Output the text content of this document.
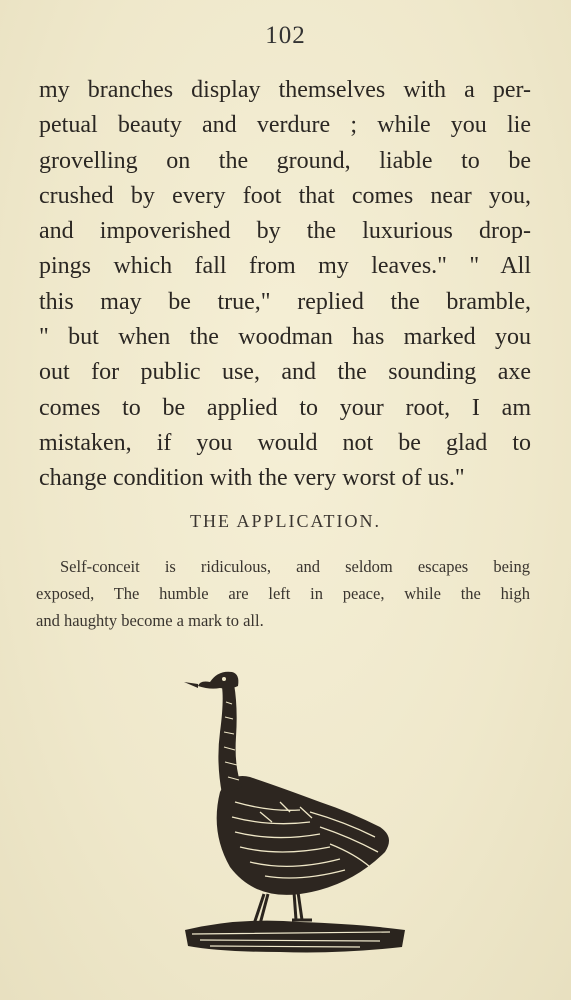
102
my branches display themselves with a per-
petual beauty and verdure ; while you lie
grovelling on the ground, liable to be
crushed by every foot that comes near you,
and impoverished by the luxurious drop-
pings which fall from my leaves." " All
this may be true," replied the bramble,
" but when the woodman has marked you
out for public use, and the sounding axe
comes to be applied to your root, I am
mistaken, if you would not be glad to
change condition with the very worst of us."
THE APPLICATION.
Self-conceit is ridiculous, and seldom escapes being
exposed, The humble are left in peace, while the high
and haughty become a mark to all.
